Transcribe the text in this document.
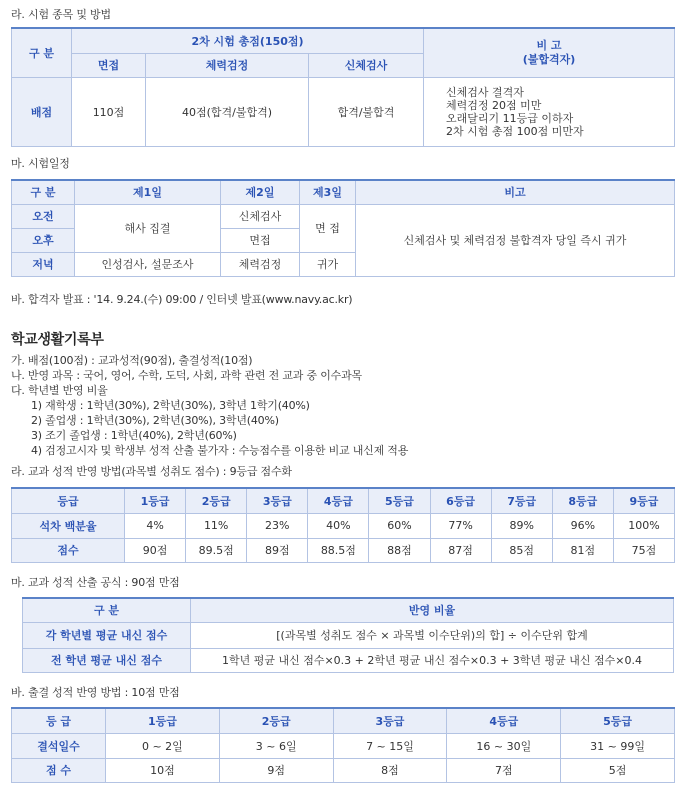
라. 시험 종목 및 방법
구 분	2차 시험 총점(150점)			비 고
(불합격자)

	면접	체력검정	신체검사	
배점	110점	40점(합격/불합격)	합격/불합격	신체검사 결격자
체력검정 20점 미만
오래달리기 11등급 이하자
2차 시험 총점 100점 미만자
마. 시험일정
구 분	제1일	제2일	제3일	비고
오전	해사 집결	신체검사	면 접	신체검사 및 체력검정 불합격자 당일 즉시 귀가
오후		면접		
저녁	인성검사, 설문조사	체력검정	귀가	
바. 합격자 발표 : '14. 9.24.(수) 09:00 / 인터넷 발표(www.navy.ac.kr)
학교생활기록부
가. 배점(100점) : 교과성적(90점), 출결성적(10점)
나. 반영 과목 : 국어, 영어, 수학, 도덕, 사회, 과학 관련 전 교과 중 이수과목
다. 학년별 반영 비율
1) 재학생 : 1학년(30%), 2학년(30%), 3학년 1학기(40%)
2) 졸업생 : 1학년(30%), 2학년(30%), 3학년(40%)
3) 조기 졸업생 : 1학년(40%), 2학년(60%)
4) 검정고시자 및 학생부 성적 산출 불가자 : 수능점수를 이용한 비교 내신제 적용
라. 교과 성적 반영 방법(과목별 성취도 점수) : 9등급 점수화
등급	1등급	2등급	3등급	4등급	5등급	6등급	7등급	8등급	9등급
석차 백분율	4%	11%	23%	40%	60%	77%	89%	96%	100%
점수	90점	89.5점	89점	88.5점	88점	87점	85점	81점	75점
마. 교과 성적 산출 공식 : 90점 만점
구 분	반영 비율
각 학년별 평균 내신 점수	[(과목별 성취도 점수 × 과목별 이수단위)의 합] ÷ 이수단위 합계
전 학년 평균 내신 점수	1학년 평균 내신 점수×0.3 + 2학년 평균 내신 점수×0.3 + 3학년 평균 내신 점수×0.4
바. 출결 성적 반영 방법 : 10점 만점
등 급	1등급	2등급	3등급	4등급	5등급
결석일수	0 ~ 2일	3 ~ 6일	7 ~ 15일	16 ~ 30일	31 ~ 99일
점 수	10점	9점	8점	7점	5점
